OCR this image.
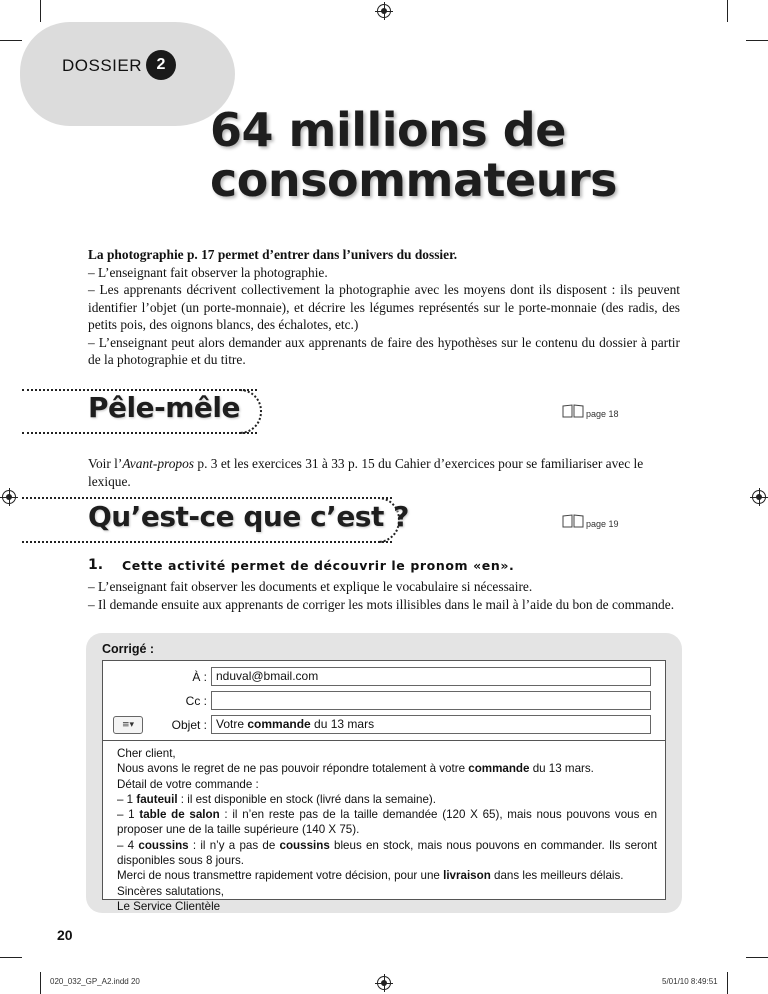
DOSSIER 2
64 millions de
consommateurs

La photographie p. 17 permet d’entrer dans l’univers du dossier.

– L’enseignant fait observer la photographie.

– Les apprenants décrivent collectivement la photographie avec les moyens dont ils disposent : ils peuvent identifier l’objet (un porte-monnaie), et décrire les légumes représentés sur le porte-monnaie (des radis, des petits pois, des oignons blancs, des échalotes, etc.)

– L’enseignant peut alors demander aux apprenants de faire des hypothèses sur le contenu du dossier à partir de la photographie et du titre.

Pêle-mêle	page 18
Voir l’Avant-propos p. 3 et les exercices 31 à 33 p. 15 du Cahier d’exercices pour se familiariser avec le lexique.
Qu’est-ce que c’est ?	page 19
1. Cette activité permet de découvrir le pronom «en».
– L’enseignant fait observer les documents et explique le vocabulaire si nécessaire.
– Il demande ensuite aux apprenants de corriger les mots illisibles dans le mail à l’aide du bon de commande.
Corrigé :
À : nduval@bmail.com
Cc :
≡▾	Objet : Votre commande du 13 mars

Cher client,

Nous avons le regret de ne pas pouvoir répondre totalement à votre commande du 13 mars.

Détail de votre commande :

– 1 fauteuil : il est disponible en stock (livré dans la semaine).

– 1 table de salon : il n’en reste pas de la taille demandée (120 X 65), mais nous pouvons vous en proposer une de la taille supérieure (140 X 75).

– 4 coussins : il n’y a pas de coussins bleus en stock, mais nous pouvons en commander. Ils seront disponibles sous 8 jours.

Merci de nous transmettre rapidement votre décision, pour une livraison dans les meilleurs délais.

Sincères salutations,

Le Service Clientèle

20
020_032_GP_A2.indd 20	5/01/10 8:49:51
